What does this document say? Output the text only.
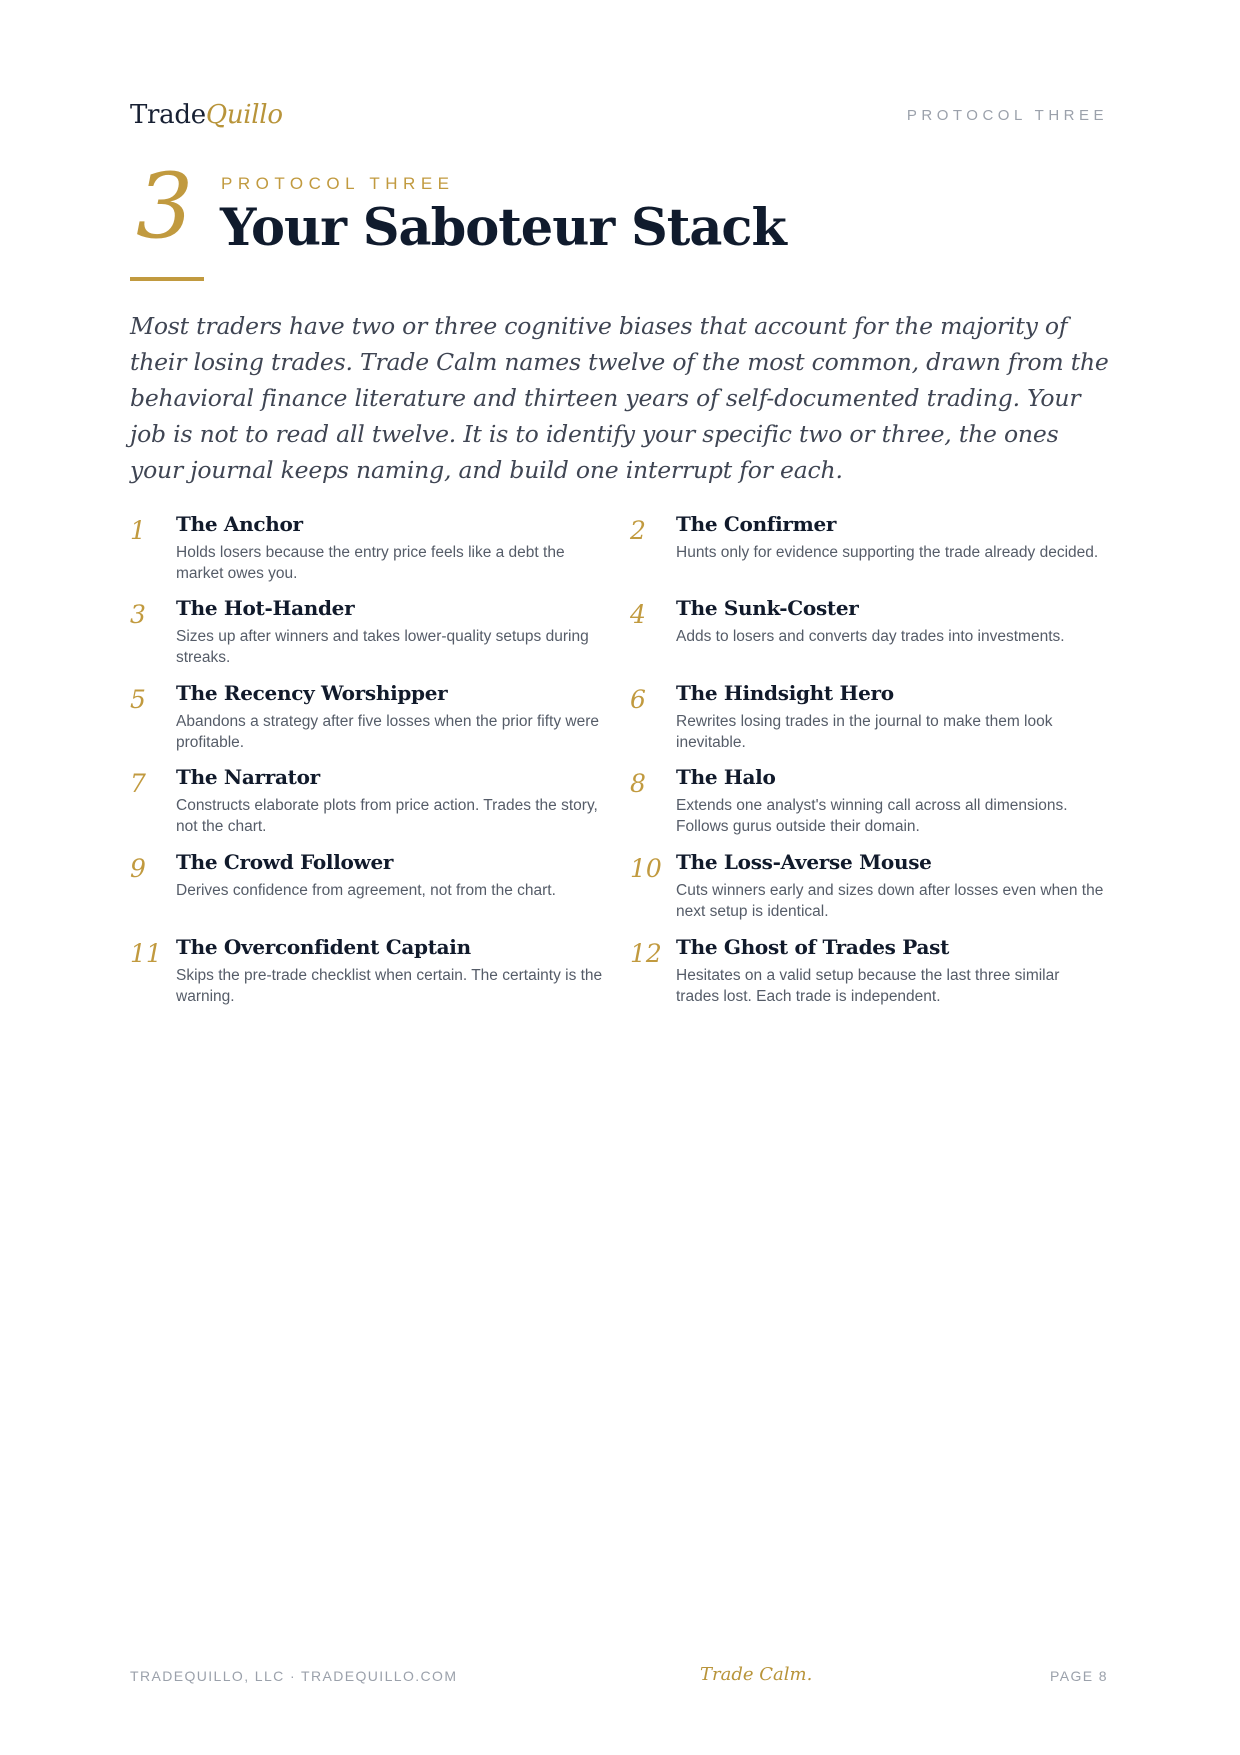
TradeQuillo	PROTOCOL THREE
3 PROTOCOL THREE
Your Saboteur Stack

Most traders have two or three cognitive biases that account for the majority of their losing trades. Trade Calm names twelve of the most common, drawn from the behavioral finance literature and thirteen years of self-documented trading. Your job is not to read all twelve. It is to identify your specific two or three, the ones your journal keeps naming, and build one interrupt for each.

1 The Anchor
Holds losers because the entry price feels like a debt the market owes you.
2 The Confirmer
Hunts only for evidence supporting the trade already decided.
3 The Hot-Hander
Sizes up after winners and takes lower-quality setups during streaks.
4 The Sunk-Coster
Adds to losers and converts day trades into investments.
5 The Recency Worshipper
Abandons a strategy after five losses when the prior fifty were profitable.
6 The Hindsight Hero
Rewrites losing trades in the journal to make them look inevitable.
7 The Narrator
Constructs elaborate plots from price action. Trades the story, not the chart.
8 The Halo
Extends one analyst's winning call across all dimensions. Follows gurus outside their domain.
9 The Crowd Follower
Derives confidence from agreement, not from the chart.
10 The Loss-Averse Mouse
Cuts winners early and sizes down after losses even when the next setup is identical.
11 The Overconfident Captain
Skips the pre-trade checklist when certain. The certainty is the warning.
12 The Ghost of Trades Past
Hesitates on a valid setup because the last three similar trades lost. Each trade is independent.
TRADEQUILLO, LLC · TRADEQUILLO.COM	Trade Calm.	PAGE 8
